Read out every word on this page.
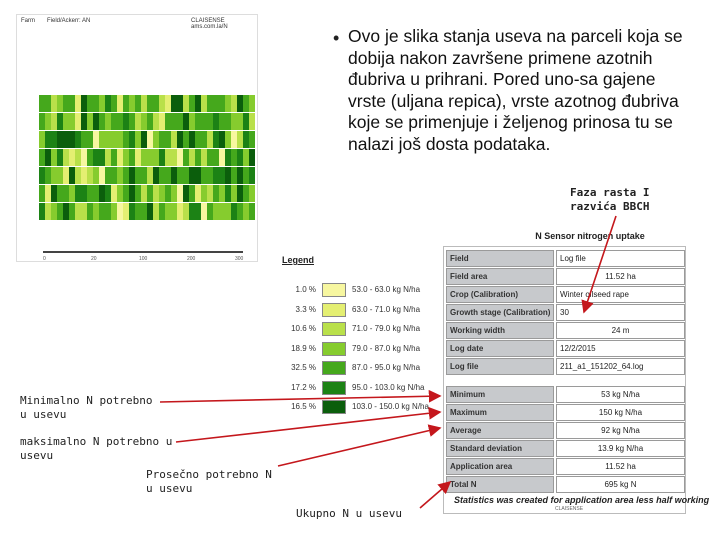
Farm Field/Ackerr: AN	CLAISENSE ams.com.la/N
0	20	100	200	300
• Ovo je slika stanja useva na parceli koja se dobija nakon završene primene azotnih đubriva u prihrani. Pored uno-sa gajene vrste (uljana repica), vrste azotnog đubriva koje se primenjuje i željenog prinosa tu se nalazi još dosta podataka.
Faza rasta I razvića BBCH
Minimalno N potrebno u usevu
maksimalno N potrebno u usevu
Prosečno potrebno N u usevu
Ukupno N u usevu
Legend
1.0 %	53.0 - 63.0 kg N/ha
3.3 %	63.0 - 71.0 kg N/ha
10.6 %	71.0 - 79.0 kg N/ha
18.9 %	79.0 - 87.0 kg N/ha
32.5 %	87.0 - 95.0 kg N/ha
17.2 %	95.0 - 103.0 kg N/ha
16.5 %	103.0 - 150.0 kg N/ha
N Sensor nitrogen uptake
Field	Log file
Field area	11.52 ha
Crop (Calibration)	Winter oilseed rape
Growth stage (Calibration)	30
Working width	24 m
Log date	12/2/2015
Log file	211_a1_151202_64.log
Minimum	53 kg N/ha
Maximum	150 kg N/ha
Average	92 kg N/ha
Standard deviation	13.9 kg N/ha
Application area	11.52 ha
Total N	695 kg N
Statistics was created for application area less half working
CLAISENSE
